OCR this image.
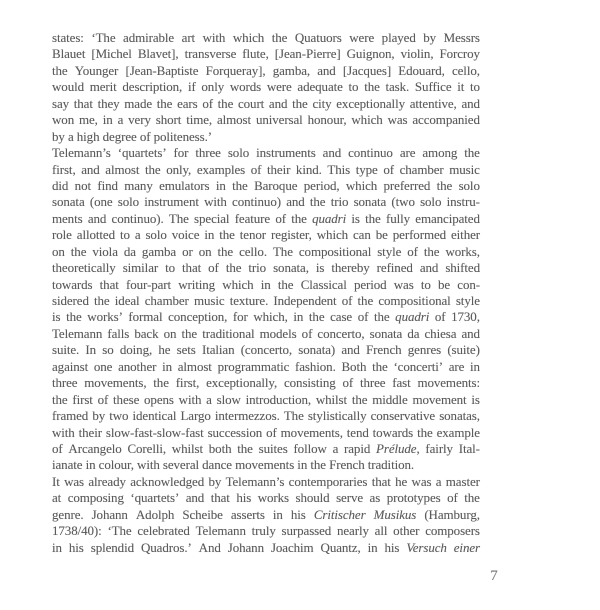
states: ‘The admirable art with which the Quatuors were played by Messrs
Blauet [Michel Blavet], transverse flute, [Jean-Pierre] Guignon, violin, Forcroy
the Younger [Jean-Baptiste Forqueray], gamba, and [Jacques] Edouard, cello,
would merit description, if only words were adequate to the task. Suffice it to
say that they made the ears of the court and the city exceptionally attentive, and
won me, in a very short time, almost universal honour, which was accompanied
by a high degree of politeness.’
Telemann’s ‘quartets’ for three solo instruments and continuo are among the
first, and almost the only, examples of their kind. This type of chamber music
did not find many emulators in the Baroque period, which preferred the solo
sonata (one solo instrument with continuo) and the trio sonata (two solo instru-
ments and continuo). The special feature of the quadri is the fully emancipated
role allotted to a solo voice in the tenor register, which can be performed either
on the viola da gamba or on the cello. The compositional style of the works,
theoretically similar to that of the trio sonata, is thereby refined and shifted
towards that four-part writing which in the Classical period was to be con-
sidered the ideal chamber music texture. Independent of the compositional style
is the works’ formal conception, for which, in the case of the quadri of 1730,
Telemann falls back on the traditional models of concerto, sonata da chiesa and
suite. In so doing, he sets Italian (concerto, sonata) and French genres (suite)
against one another in almost programmatic fashion. Both the ‘concerti’ are in
three movements, the first, exceptionally, consisting of three fast movements:
the first of these opens with a slow introduction, whilst the middle movement is
framed by two identical Largo intermezzos. The stylistically conservative sonatas,
with their slow-fast-slow-fast succession of movements, tend towards the example
of Arcangelo Corelli, whilst both the suites follow a rapid Prélude, fairly Ital-
ianate in colour, with several dance movements in the French tradition.
It was already acknowledged by Telemann’s contemporaries that he was a master
at composing ‘quartets’ and that his works should serve as prototypes of the
genre. Johann Adolph Scheibe asserts in his Critischer Musikus (Hamburg,
1738/40): ‘The celebrated Telemann truly surpassed nearly all other composers
in his splendid Quadros.’ And Johann Joachim Quantz, in his Versuch einer
7
